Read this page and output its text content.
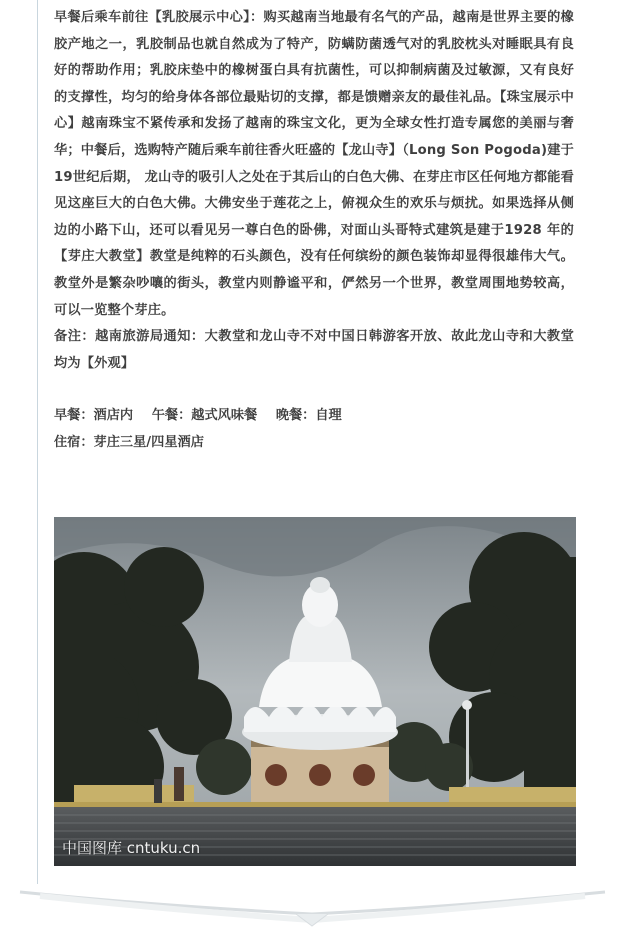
早餐后乘车前往【乳胶展示中心】：购买越南当地最有名气的产品，越南是世界主要的橡胶产地之一，乳胶制品也就自然成为了特产，防螨防菌透气对的乳胶枕头对睡眠具有良好的帮助作用；乳胶床垫中的橡树蛋白具有抗菌性，可以抑制病菌及过敏源，又有良好的支撑性，均匀的给身体各部位最贴切的支撑，都是馈赠亲友的最佳礼品。【珠宝展示中心】越南珠宝不紧传承和发扬了越南的珠宝文化，更为全球女性打造专属您的美丽与奢华；中餐后，选购特产随后乘车前往香火旺盛的【龙山寺】（Long Son Pogoda)建于19世纪后期， 龙山寺的吸引人之处在于其后山的白色大佛、在芽庄市区任何地方都能看见这座巨大的白色大佛。大佛安坐于莲花之上，俯视众生的欢乐与烦扰。如果选择从侧边的小路下山，还可以看见另一尊白色的卧佛，对面山头哥特式建筑是建于1928 年的【芽庄大教堂】教堂是纯粹的石头颜色，没有任何缤纷的颜色装饰却显得很雄伟大气。教堂外是繁杂吵嚷的街头，教堂内则静谧平和，俨然另一个世界，教堂周围地势较高，可以一览整个芽庄。

备注：越南旅游局通知：大教堂和龙山寺不对中国日韩游客开放、故此龙山寺和大教堂均为【外观】

早餐：酒店内 午餐：越式风味餐 晚餐：自理

住宿：芽庄三星/四星酒店

中国图库 cntuku.cn
